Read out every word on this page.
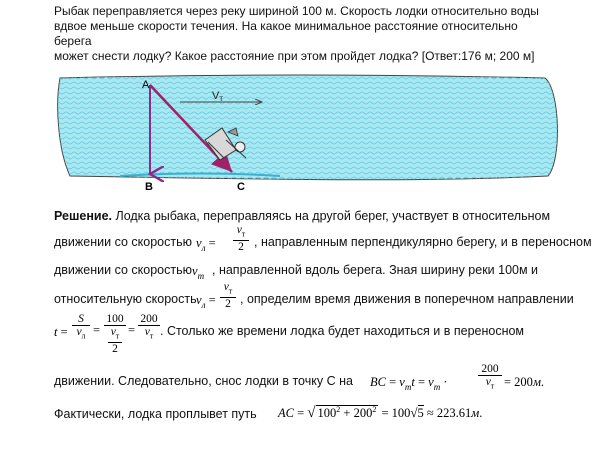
Рыбак переправляется через реку шириной 100 м. Скорость лодки относительно воды
вдвое меньше скорости течения. На какое минимальное расстояние относительно берега
может снести лодку? Какое расстояние при этом пройдет лодка? [Ответ:176 м; 200 м]
A
B	C
Vт
Решение. Лодка рыбака, переправляясь на другой берег, участвует в относительном
движении со скоростью $v_л$ =
$v_т$
2 , направленным перпендикулярно берегу, и в переносном
движении со скоростью $v_т$ , направленной вдоль берега. Зная ширину реки 100м и
относительную скорость $v_л$ =
$v_т$
2 , определим время движения в поперечном направлении
t =
S
$v_л$ =
100
$v_т$
2
=
200
$v_т$ . Столько же времени лодка будет находиться и в переносном
движении. Следовательно, снос лодки в точку С на BC = $v_тt = v_т$ ·
200
$v_т = 200м$.
Фактически, лодка проплывет путь AC = √ $100^2 + 200^2 = 100√5 \approx 223.61м$.
